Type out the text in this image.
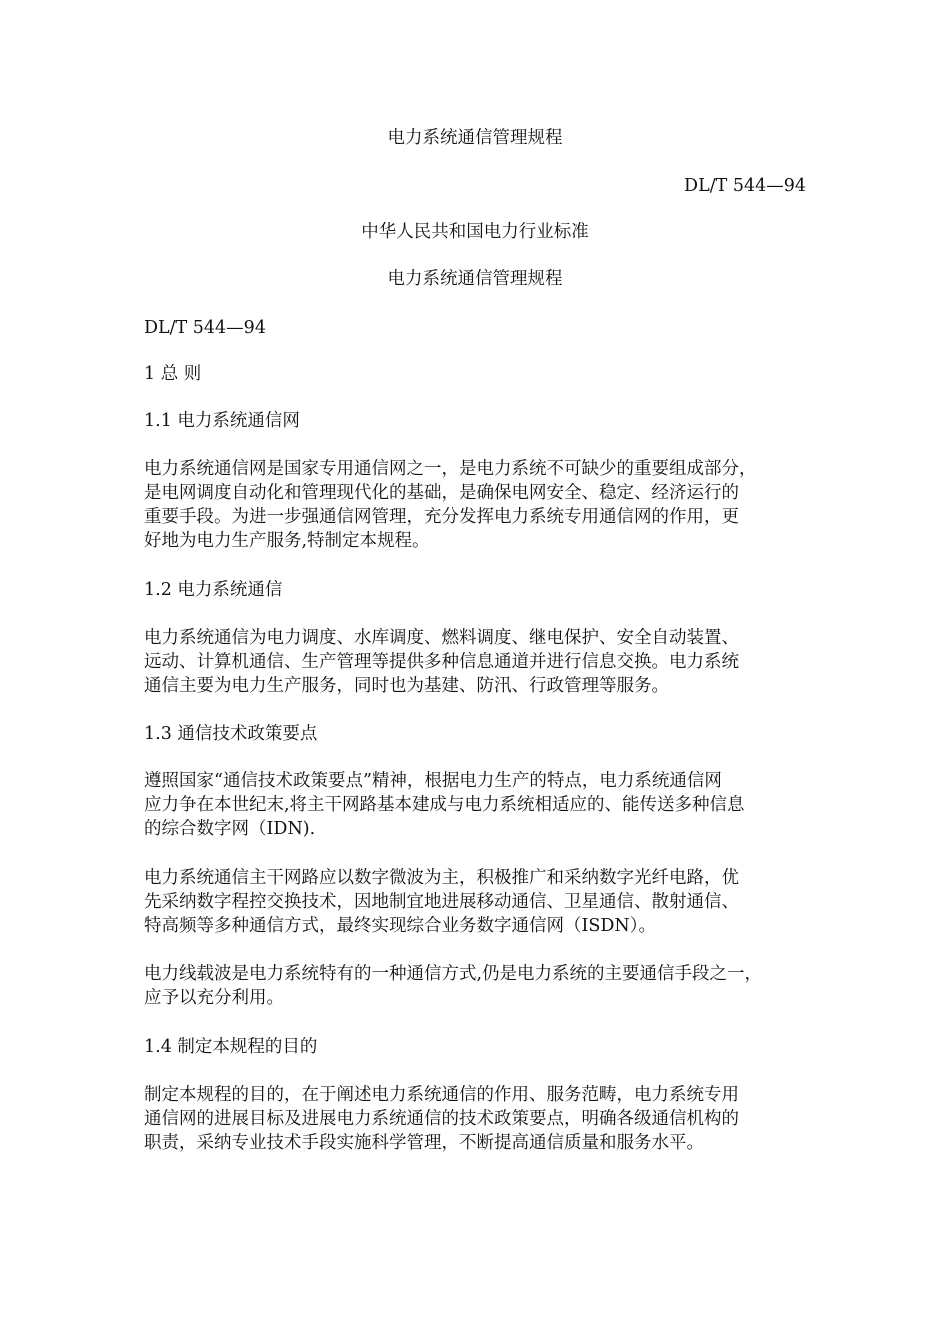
电力系统通信管理规程
DL/T 544—94
中华人民共和国电力行业标准
电力系统通信管理规程
DL/T 544—94
1 总 则
1.1 电力系统通信网
电力系统通信网是国家专用通信网之一，是电力系统不可缺少的重要组成部分，
是电网调度自动化和管理现代化的基础，是确保电网安全、稳定、经济运行的
重要手段。为进一步强通信网管理，充分发挥电力系统专用通信网的作用，更
好地为电力生产服务,特制定本规程。
1.2 电力系统通信
电力系统通信为电力调度、水库调度、燃料调度、继电保护、安全自动装置、
远动、计算机通信、生产管理等提供多种信息通道并进行信息交换。电力系统
通信主要为电力生产服务，同时也为基建、防汛、行政管理等服务。
1.3 通信技术政策要点
遵照国家“通信技术政策要点”精神，根据电力生产的特点，电力系统通信网
应力争在本世纪末,将主干网路基本建成与电力系统相适应的、能传送多种信息
的综合数字网（IDN).
电力系统通信主干网路应以数字微波为主，积极推广和采纳数字光纤电路，优
先采纳数字程控交换技术，因地制宜地进展移动通信、卫星通信、散射通信、
特高频等多种通信方式，最终实现综合业务数字通信网（ISDN）。
电力线载波是电力系统特有的一种通信方式,仍是电力系统的主要通信手段之一，
应予以充分利用。
1.4 制定本规程的目的
制定本规程的目的，在于阐述电力系统通信的作用、服务范畴，电力系统专用
通信网的进展目标及进展电力系统通信的技术政策要点，明确各级通信机构的
职责，采纳专业技术手段实施科学管理，不断提高通信质量和服务水平。
